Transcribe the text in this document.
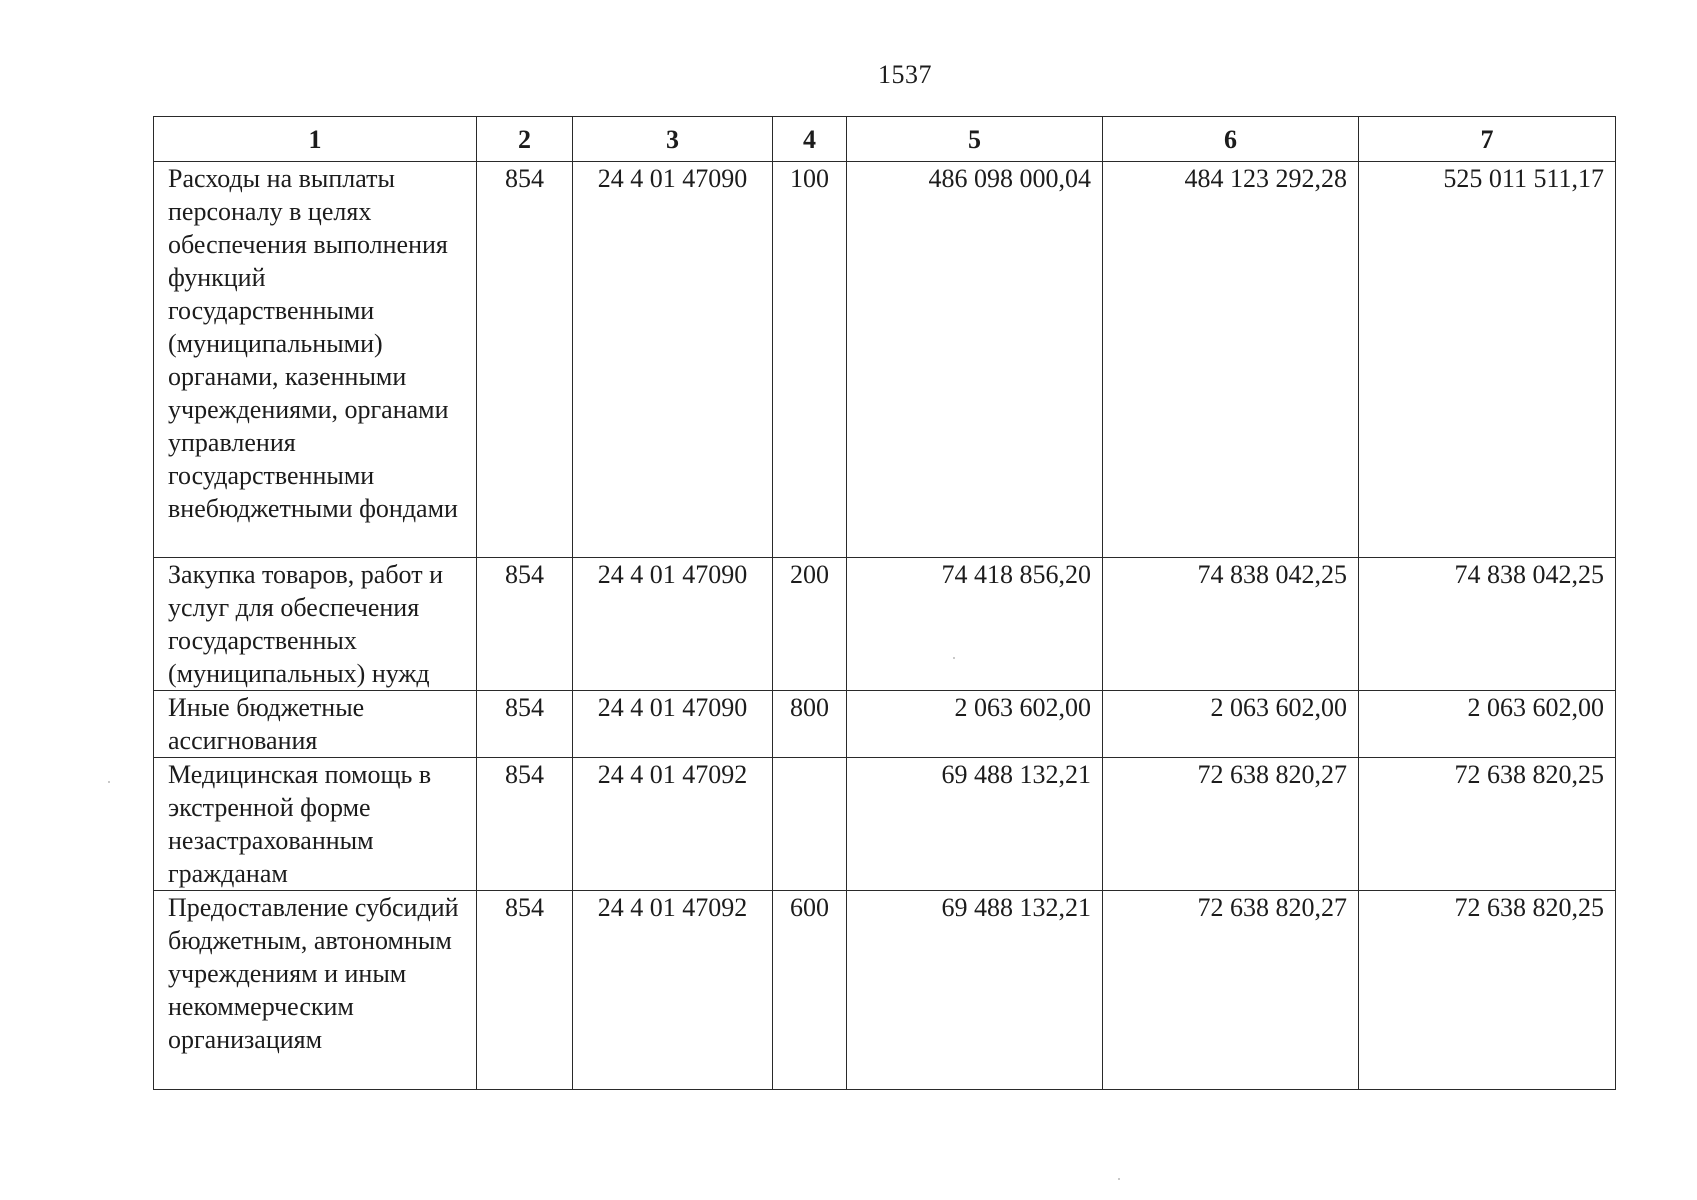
1537
1	2	3	4	5	6	7

Расходы на выплаты персоналу в целях обеспечения выполнения функций государственными (муниципальными) органами, казенными учреждениями, органами управления государственными внебюджетными фондами	854	24 4 01 47090	100	486 098 000,04	484 123 292,28	525 011 511,17

Закупка товаров, работ и услуг для обеспечения государственных (муниципальных) нужд	854	24 4 01 47090	200	74 418 856,20	74 838 042,25	74 838 042,25

Иные бюджетные ассигнования	854	24 4 01 47090	800	2 063 602,00	2 063 602,00	2 063 602,00

Медицинская помощь в экстренной форме незастрахованным гражданам	854	24 4 01 47092		69 488 132,21	72 638 820,27	72 638 820,25

Предоставление субсидий бюджетным, автономным учреждениям и иным некоммерческим организациям	854	24 4 01 47092	600	69 488 132,21	72 638 820,27	72 638 820,25
